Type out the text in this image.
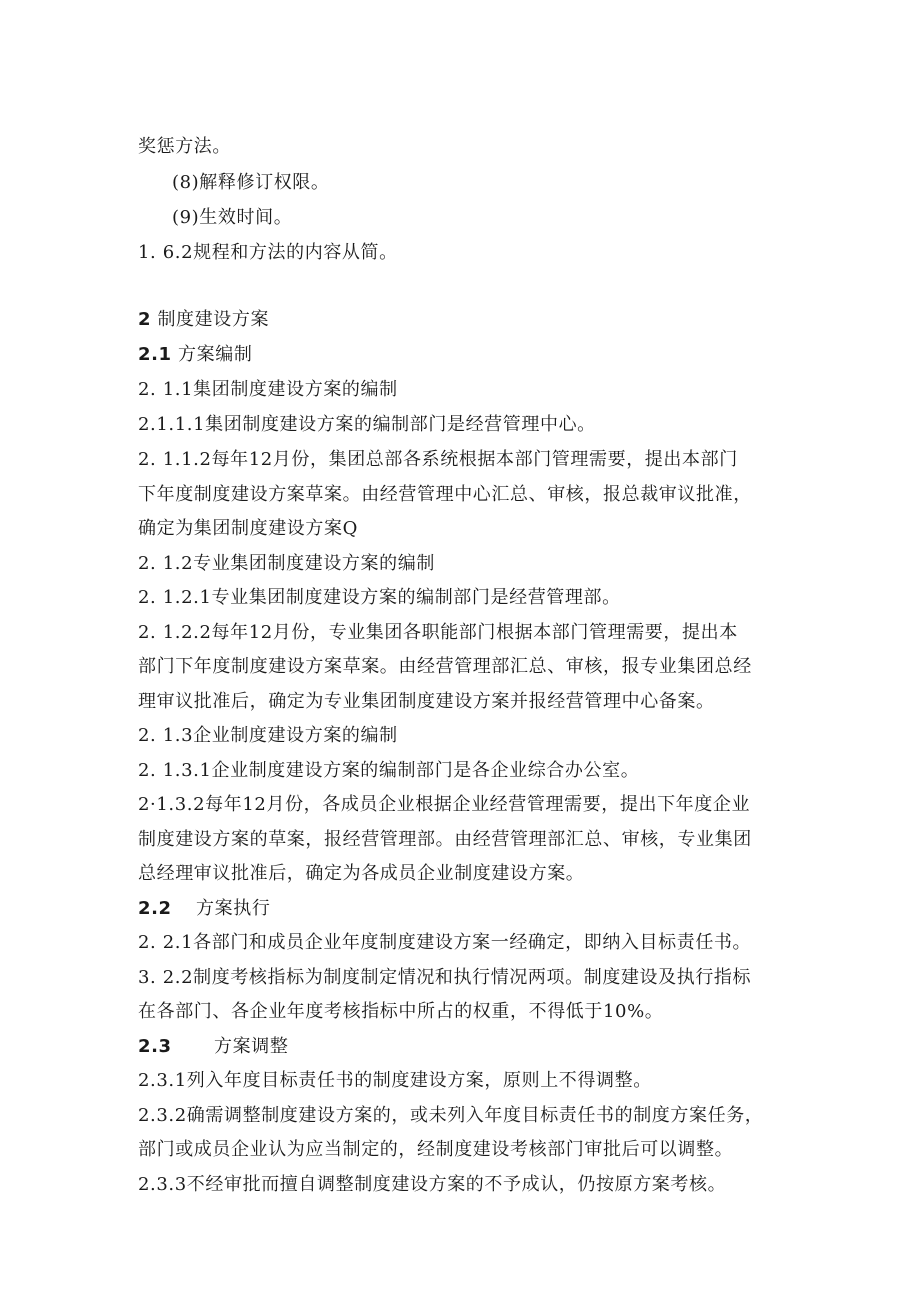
奖惩方法。
(8)解释修订权限。
(9)生效时间。
1. 6.2规程和方法的内容从简。
2 制度建设方案
2.1 方案编制
2. 1.1集团制度建设方案的编制
2.1.1.1集团制度建设方案的编制部门是经营管理中心。
2. 1.1.2每年12月份，集团总部各系统根据本部门管理需要，提出本部门
下年度制度建设方案草案。由经营管理中心汇总、审核，报总裁审议批准，
确定为集团制度建设方案Q
2. 1.2专业集团制度建设方案的编制
2. 1.2.1专业集团制度建设方案的编制部门是经营管理部。
2. 1.2.2每年12月份，专业集团各职能部门根据本部门管理需要，提出本
部门下年度制度建设方案草案。由经营管理部汇总、审核，报专业集团总经
理审议批准后，确定为专业集团制度建设方案并报经营管理中心备案。
2. 1.3企业制度建设方案的编制
2. 1.3.1企业制度建设方案的编制部门是各企业综合办公室。
2·1.3.2每年12月份，各成员企业根据企业经营管理需要，提出下年度企业
制度建设方案的草案，报经营管理部。由经营管理部汇总、审核，专业集团
总经理审议批准后，确定为各成员企业制度建设方案。
2.2 方案执行
2. 2.1各部门和成员企业年度制度建设方案一经确定，即纳入目标责任书。
3. 2.2制度考核指标为制度制定情况和执行情况两项。制度建设及执行指标
在各部门、各企业年度考核指标中所占的权重，不得低于10%。
2.3 方案调整
2.3.1列入年度目标责任书的制度建设方案，原则上不得调整。
2.3.2确需调整制度建设方案的，或未列入年度目标责任书的制度方案任务，
部门或成员企业认为应当制定的，经制度建设考核部门审批后可以调整。
2.3.3不经审批而擅自调整制度建设方案的不予成认，仍按原方案考核。
